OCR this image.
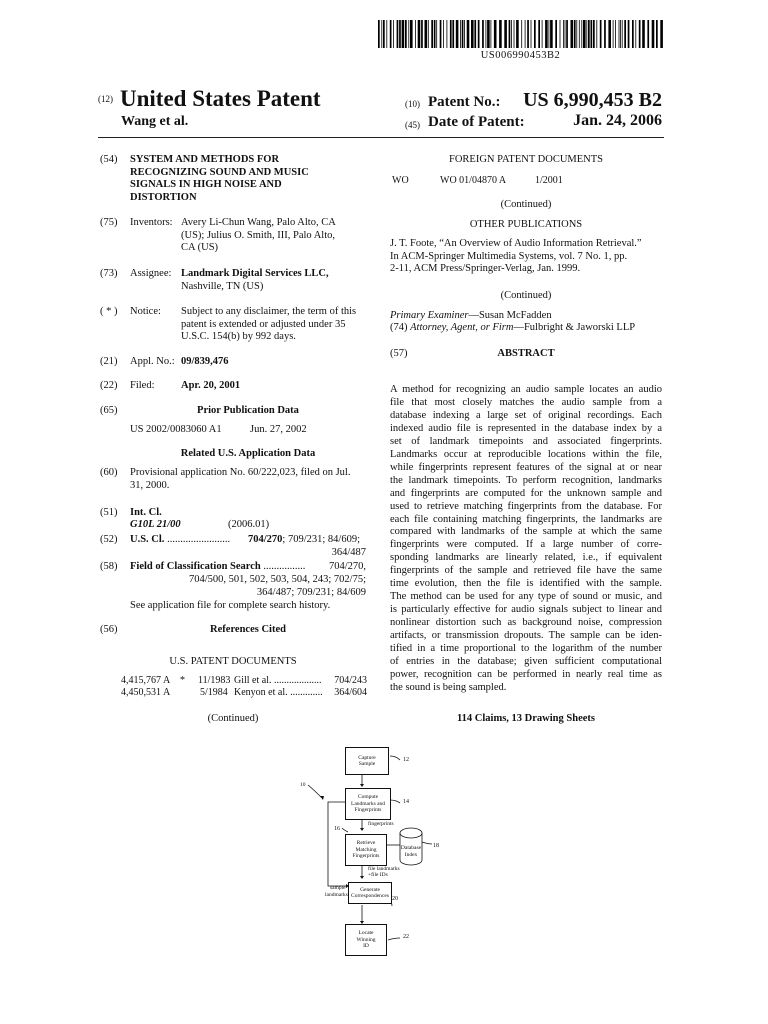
US006990453B2
(12) United States Patent
Wang et al.
(10) Patent No.:	US 6,990,453 B2
(45) Date of Patent:	Jan. 24, 2006
(54) SYSTEM AND METHODS FOR
RECOGNIZING SOUND AND MUSIC
SIGNALS IN HIGH NOISE AND
DISTORTION
(75) Inventors: Avery Li-Chun Wang, Palo Alto, CA
(US); Julius O. Smith, III, Palo Alto,
CA (US)
(73) Assignee: Landmark Digital Services LLC,
Nashville, TN (US)
( * ) Notice: Subject to any disclaimer, the term of this
patent is extended or adjusted under 35
U.S.C. 154(b) by 992 days.
(21) Appl. No.: 09/839,476
(22) Filed:	Apr. 20, 2001
(65)	Prior Publication Data
US 2002/0083060 A1	Jun. 27, 2002
Related U.S. Application Data
(60) Provisional application No. 60/222,023, filed on Jul.
31, 2000.
(51) Int. Cl.
G10L 21/00	(2006.01)
(52) U.S. Cl. ........................ 704/270; 709/231; 84/609;
364/487
(58) Field of Classification Search ................	704/270,
704/500, 501, 502, 503, 504, 243; 702/75;
364/487; 709/231; 84/609
See application file for complete search history.
(56)	References Cited
U.S. PATENT DOCUMENTS
4,415,767 A * 11/1983 Gill et al. ...................	704/243
4,450,531 A	5/1984 Kenyon et al. .............	364/604
(Continued)
FOREIGN PATENT DOCUMENTS
WO	WO 01/04870 A	1/2001
(Continued)
OTHER PUBLICATIONS
J. T. Foote, “An Overview of Audio Information Retrieval.”
In ACM-Springer Multimedia Systems, vol. 7 No. 1, pp.
2-11, ACM Press/Springer-Verlag, Jan. 1999.
(Continued)
Primary Examiner—Susan McFadden
(74) Attorney, Agent, or Firm—Fulbright & Jaworski LLP
(57)	ABSTRACT
A method for recognizing an audio sample locates an audio
file that most closely matches the audio sample from a
database indexing a large set of original recordings. Each
indexed audio file is represented in the database index by a
set of landmark timepoints and associated fingerprints.
Landmarks occur at reproducible locations within the file,
while fingerprints represent features of the signal at or near
the landmark timepoints. To perform recognition, landmarks
and fingerprints are computed for the unknown sample and
used to retrieve matching fingerprints from the database. For
each file containing matching fingerprints, the landmarks are
compared with landmarks of the sample at which the same
fingerprints were computed. If a large number of corre-
sponding landmarks are linearly related, i.e., if equivalent
fingerprints of the sample and retrieved file have the same
time evolution, then the file is identified with the sample.
The method can be used for any type of sound or music, and
is particularly effective for audio signals subject to linear and
nonlinear distortion such as background noise, compression
artifacts, or transmission dropouts. The sample can be iden-
tified in a time proportional to the logarithm of the number
of entries in the database; given sufficient computational
power, recognition can be performed in nearly real time as
the sound is being sampled.
114 Claims, 13 Drawing Sheets
Capture
Sample
12
10
Compute
Landmarks and
Fingerprints
14
fingerprints
16
Retrieve
Matching
Fingerprints
Database
Index
18
file landmarks
+file IDs
sample
landmarks
Generate
Correspondences 20
Locate
Winning
ID
22
